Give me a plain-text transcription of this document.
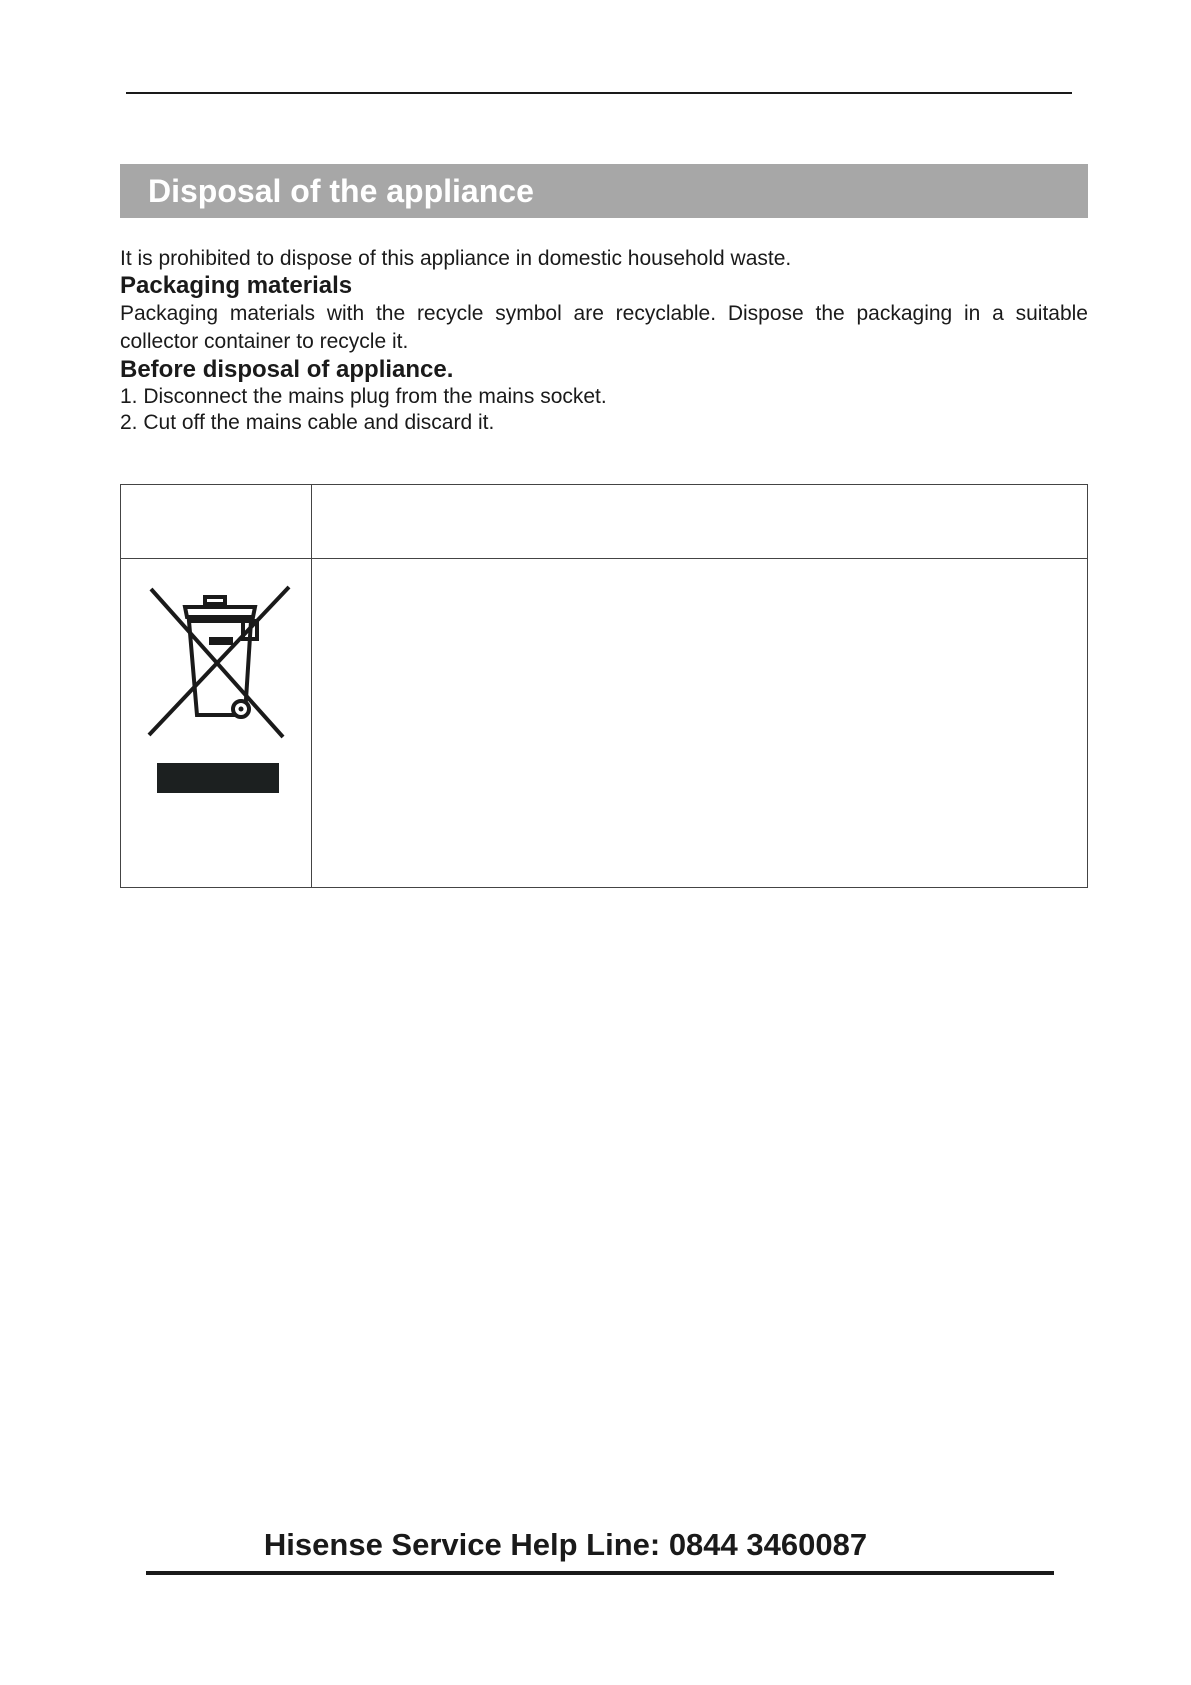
Disposal of the appliance

It is prohibited to dispose of this appliance in domestic household waste.

Packaging materials

Packaging materials with the recycle symbol are recyclable. Dispose the packaging in a suitable collector container to recycle it.

Before disposal of appliance.

1. Disconnect the mains plug from the mains socket.

2. Cut off the mains cable and discard it.

Hisense Service Help Line: 0844 3460087
